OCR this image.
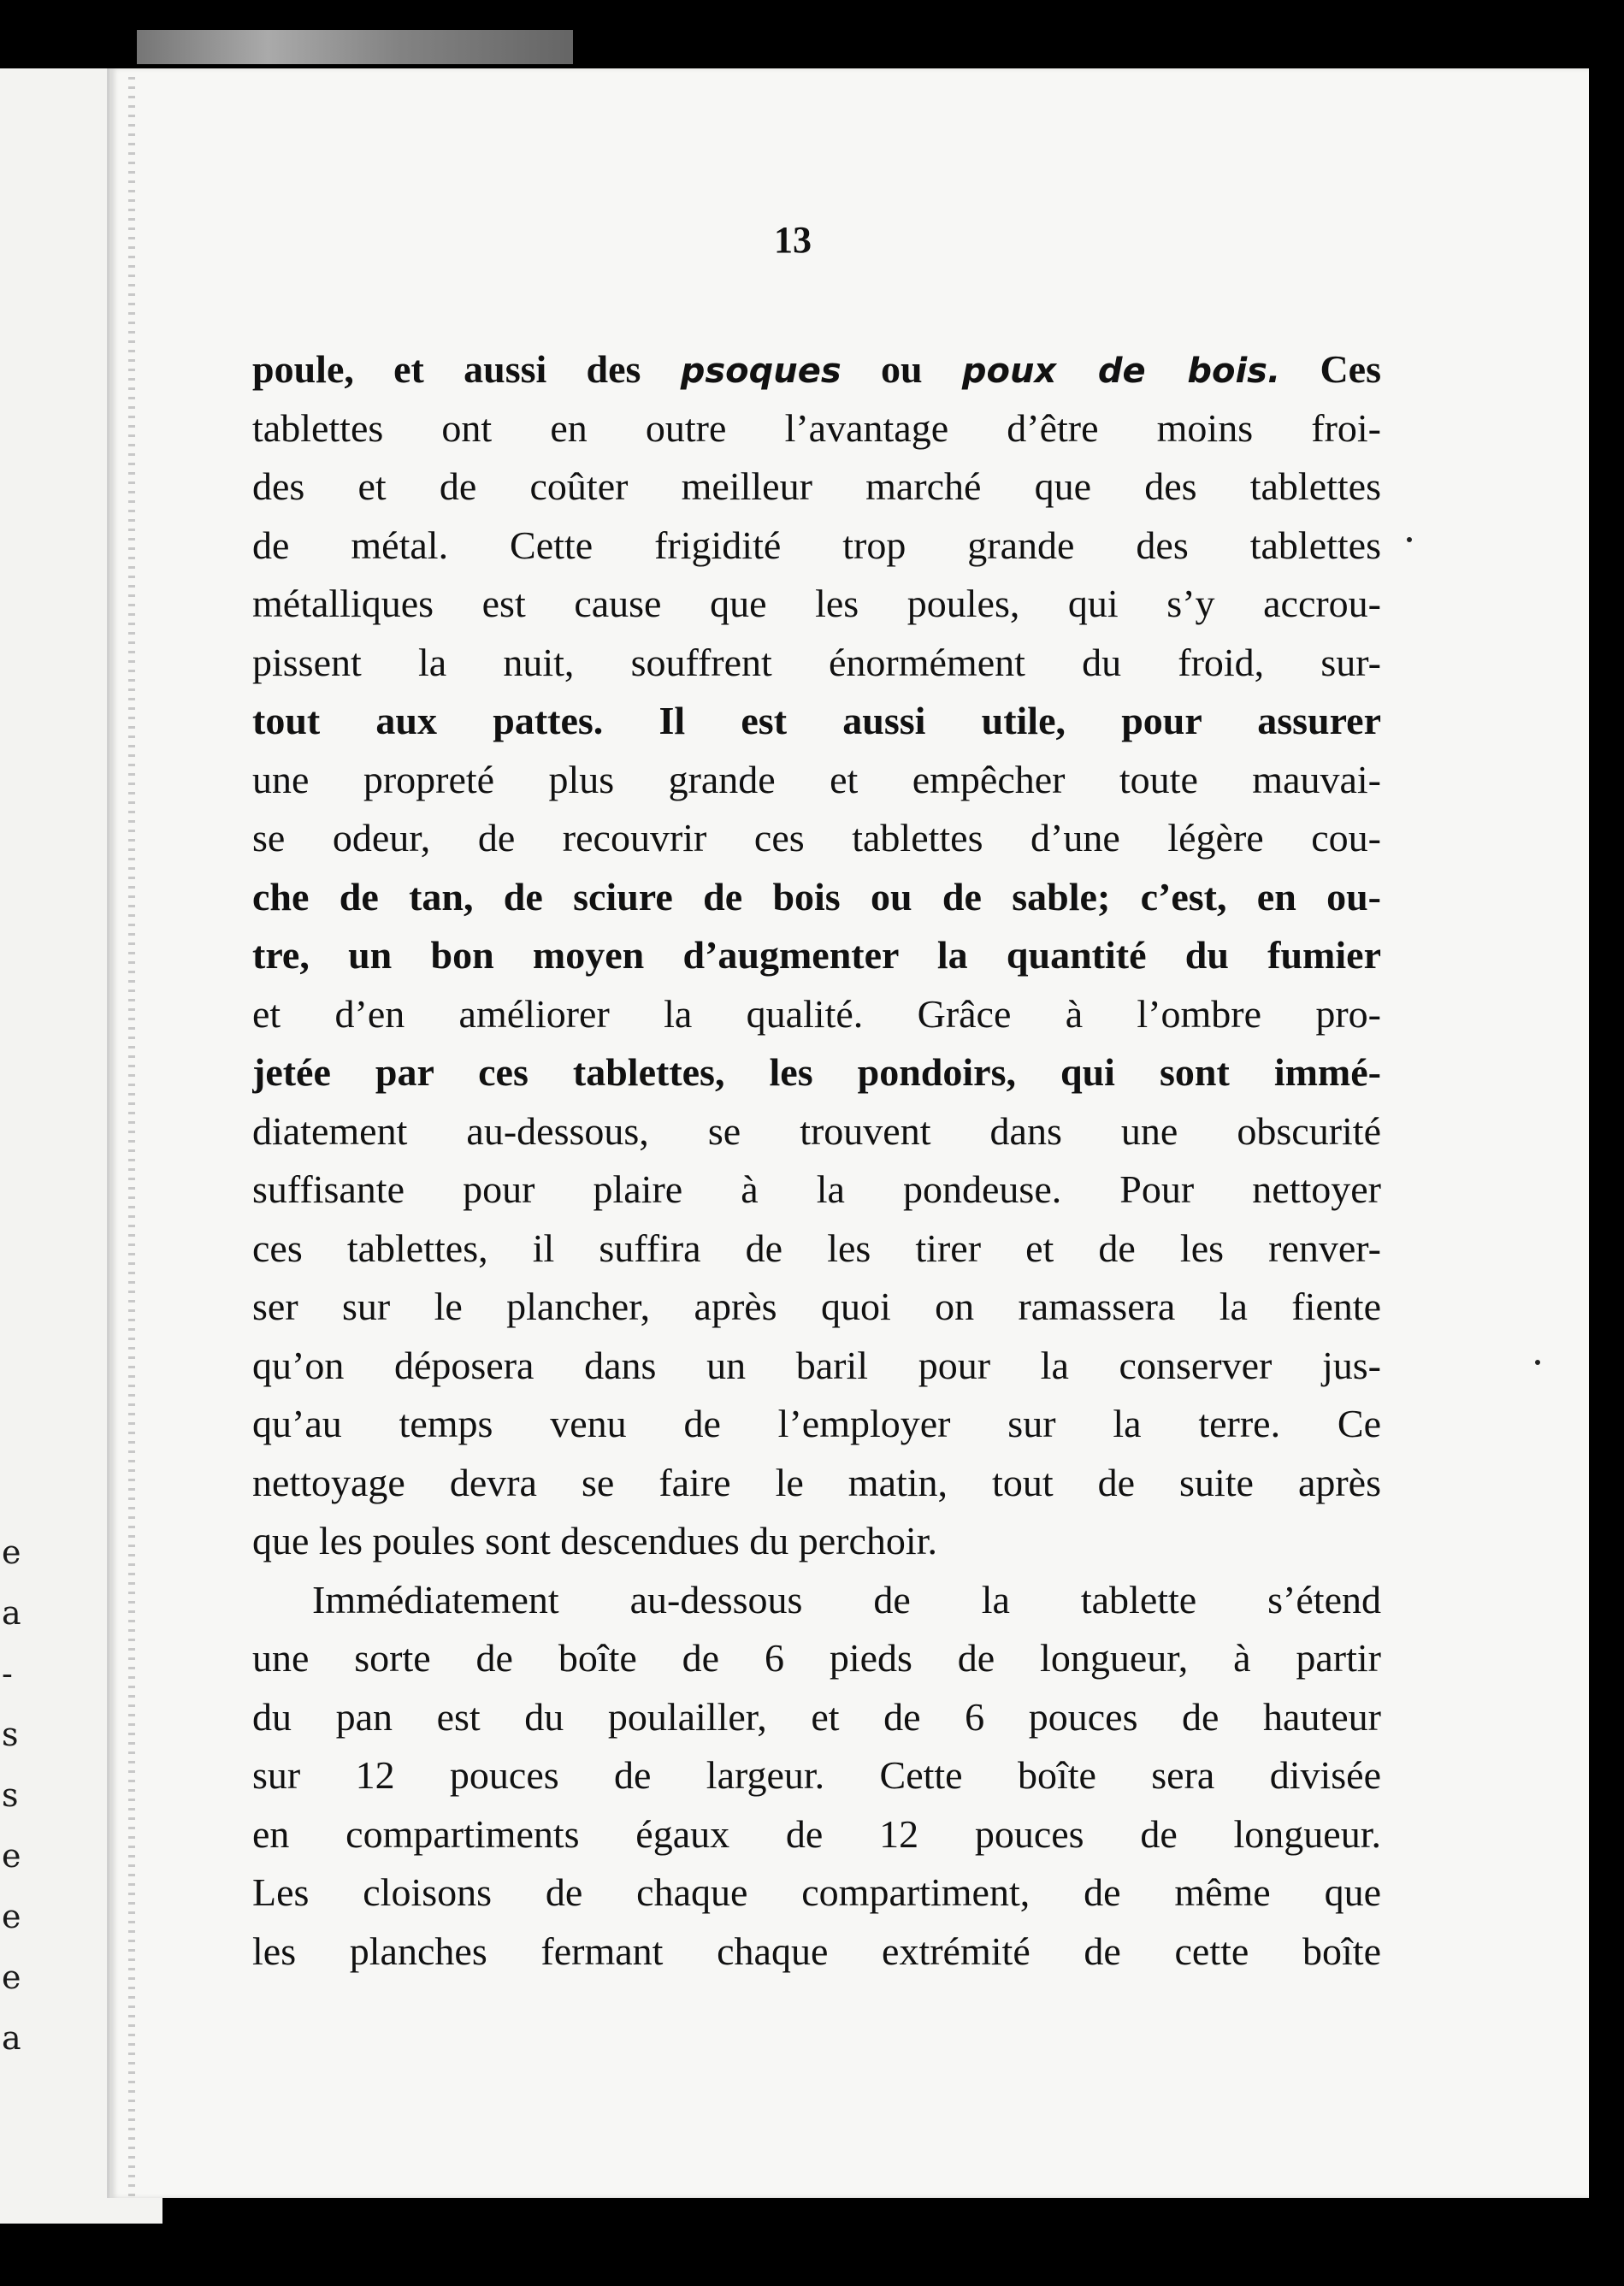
e
a
-
s
s
e
e
e
a
13
poule, et aussi des psoques ou poux de bois. Ces
tablettes ont en outre l’avantage d’être moins froi-
des et de coûter meilleur marché que des tablettes
de métal. Cette frigidité trop grande des tablettes
métalliques est cause que les poules, qui s’y accrou-
pissent la nuit, souffrent énormément du froid, sur-
tout aux pattes. Il est aussi utile, pour assurer
une propreté plus grande et empêcher toute mauvai-
se odeur, de recouvrir ces tablettes d’une légère cou-
che de tan, de sciure de bois ou de sable; c’est, en ou-
tre, un bon moyen d’augmenter la quantité du fumier
et d’en améliorer la qualité. Grâce à l’ombre pro-
jetée par ces tablettes, les pondoirs, qui sont immé-
diatement au-dessous, se trouvent dans une obscurité
suffisante pour plaire à la pondeuse. Pour nettoyer
ces tablettes, il suffira de les tirer et de les renver-
ser sur le plancher, après quoi on ramassera la fiente
qu’on déposera dans un baril pour la conserver jus-
qu’au temps venu de l’employer sur la terre. Ce
nettoyage devra se faire le matin, tout de suite après
que les poules sont descendues du perchoir.
Immédiatement au-dessous de la tablette s’étend
une sorte de boîte de 6 pieds de longueur, à partir
du pan est du poulailler, et de 6 pouces de hauteur
sur 12 pouces de largeur. Cette boîte sera divisée
en compartiments égaux de 12 pouces de longueur.
Les cloisons de chaque compartiment, de même que
les planches fermant chaque extrémité de cette boîte
